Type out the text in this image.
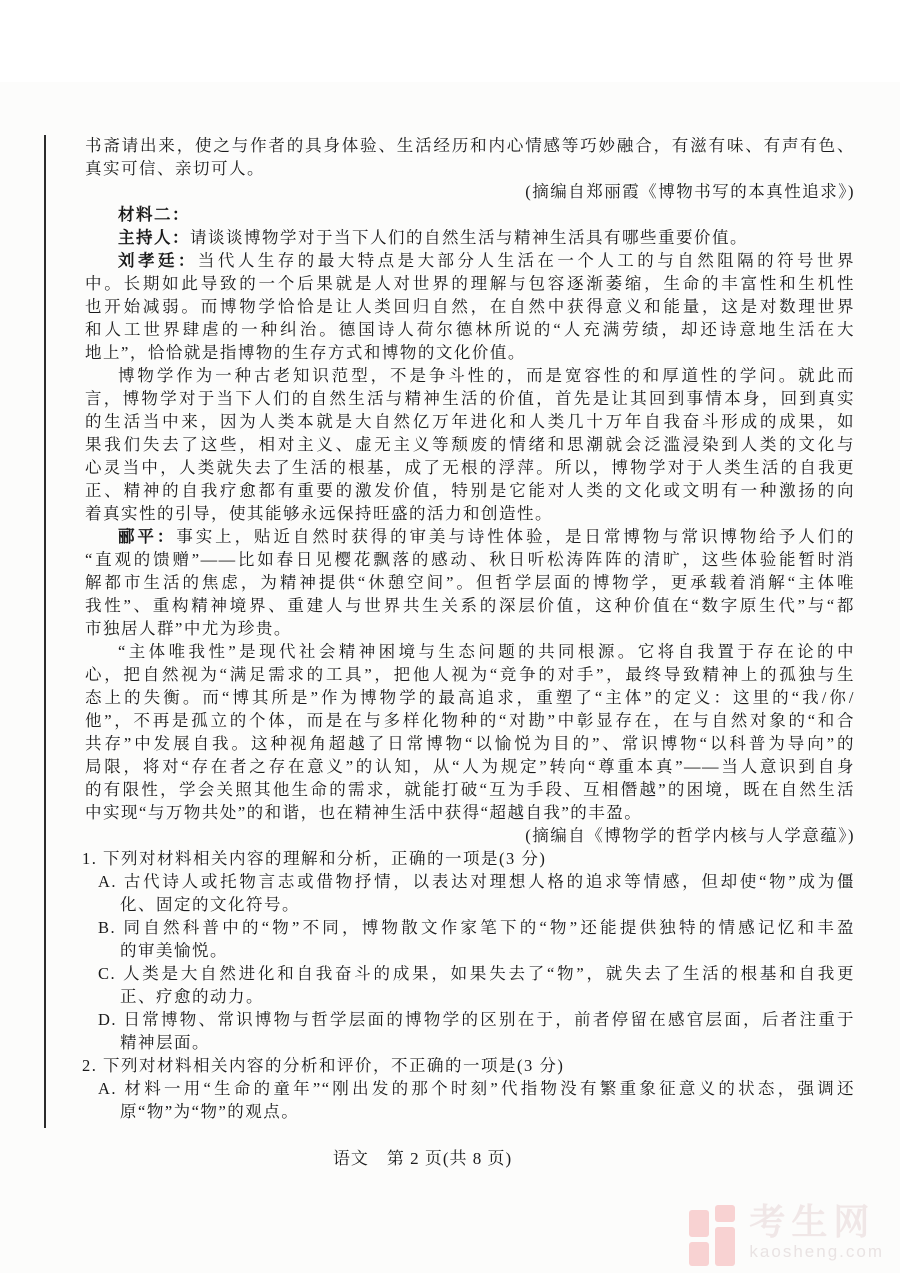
书斋请出来，使之与作者的具身体验、生活经历和内心情感等巧妙融合，有滋有味、有声有色、
真实可信、亲切可人。
(摘编自郑丽霞《博物书写的本真性追求》)
材料二：
主持人：请谈谈博物学对于当下人们的自然生活与精神生活具有哪些重要价值。
刘孝廷：当代人生存的最大特点是大部分人生活在一个人工的与自然阻隔的符号世界
中。长期如此导致的一个后果就是人对世界的理解与包容逐渐萎缩，生命的丰富性和生机性
也开始减弱。而博物学恰恰是让人类回归自然，在自然中获得意义和能量，这是对数理世界
和人工世界肆虐的一种纠治。德国诗人荷尔德林所说的“人充满劳绩，却还诗意地生活在大
地上”，恰恰就是指博物的生存方式和博物的文化价值。
博物学作为一种古老知识范型，不是争斗性的，而是宽容性的和厚道性的学问。就此而
言，博物学对于当下人们的自然生活与精神生活的价值，首先是让其回到事情本身，回到真实
的生活当中来，因为人类本就是大自然亿万年进化和人类几十万年自我奋斗形成的成果，如
果我们失去了这些，相对主义、虚无主义等颓废的情绪和思潮就会泛滥浸染到人类的文化与
心灵当中，人类就失去了生活的根基，成了无根的浮萍。所以，博物学对于人类生活的自我更
正、精神的自我疗愈都有重要的激发价值，特别是它能对人类的文化或文明有一种激扬的向
着真实性的引导，使其能够永远保持旺盛的活力和创造性。
郦平：事实上，贴近自然时获得的审美与诗性体验，是日常博物与常识博物给予人们的
“直观的馈赠”——比如春日见樱花飘落的感动、秋日听松涛阵阵的清旷，这些体验能暂时消
解都市生活的焦虑，为精神提供“休憩空间”。但哲学层面的博物学，更承载着消解“主体唯
我性”、重构精神境界、重建人与世界共生关系的深层价值，这种价值在“数字原生代”与“都
市独居人群”中尤为珍贵。
“主体唯我性”是现代社会精神困境与生态问题的共同根源。它将自我置于存在论的中
心，把自然视为“满足需求的工具”，把他人视为“竞争的对手”，最终导致精神上的孤独与生
态上的失衡。而“博其所是”作为博物学的最高追求，重塑了“主体”的定义：这里的“我/你/
他”，不再是孤立的个体，而是在与多样化物种的“对勘”中彰显存在，在与自然对象的“和合
共存”中发展自我。这种视角超越了日常博物“以愉悦为目的”、常识博物“以科普为导向”的
局限，将对“存在者之存在意义”的认知，从“人为规定”转向“尊重本真”——当人意识到自身
的有限性，学会关照其他生命的需求，就能打破“互为手段、互相僭越”的困境，既在自然生活
中实现“与万物共处”的和谐，也在精神生活中获得“超越自我”的丰盈。
(摘编自《博物学的哲学内核与人学意蕴》)
1. 下列对材料相关内容的理解和分析，正确的一项是(3 分)
A. 古代诗人或托物言志或借物抒情，以表达对理想人格的追求等情感，但却使“物”成为僵
化、固定的文化符号。
B. 同自然科普中的“物”不同，博物散文作家笔下的“物”还能提供独特的情感记忆和丰盈
的审美愉悦。
C. 人类是大自然进化和自我奋斗的成果，如果失去了“物”，就失去了生活的根基和自我更
正、疗愈的动力。
D. 日常博物、常识博物与哲学层面的博物学的区别在于，前者停留在感官层面，后者注重于
精神层面。
2. 下列对材料相关内容的分析和评价，不正确的一项是(3 分)
A. 材料一用“生命的童年”“刚出发的那个时刻”代指物没有繁重象征意义的状态，强调还
原“物”为“物”的观点。
语文　第 2 页(共 8 页)
考生网
kaosheng.com
